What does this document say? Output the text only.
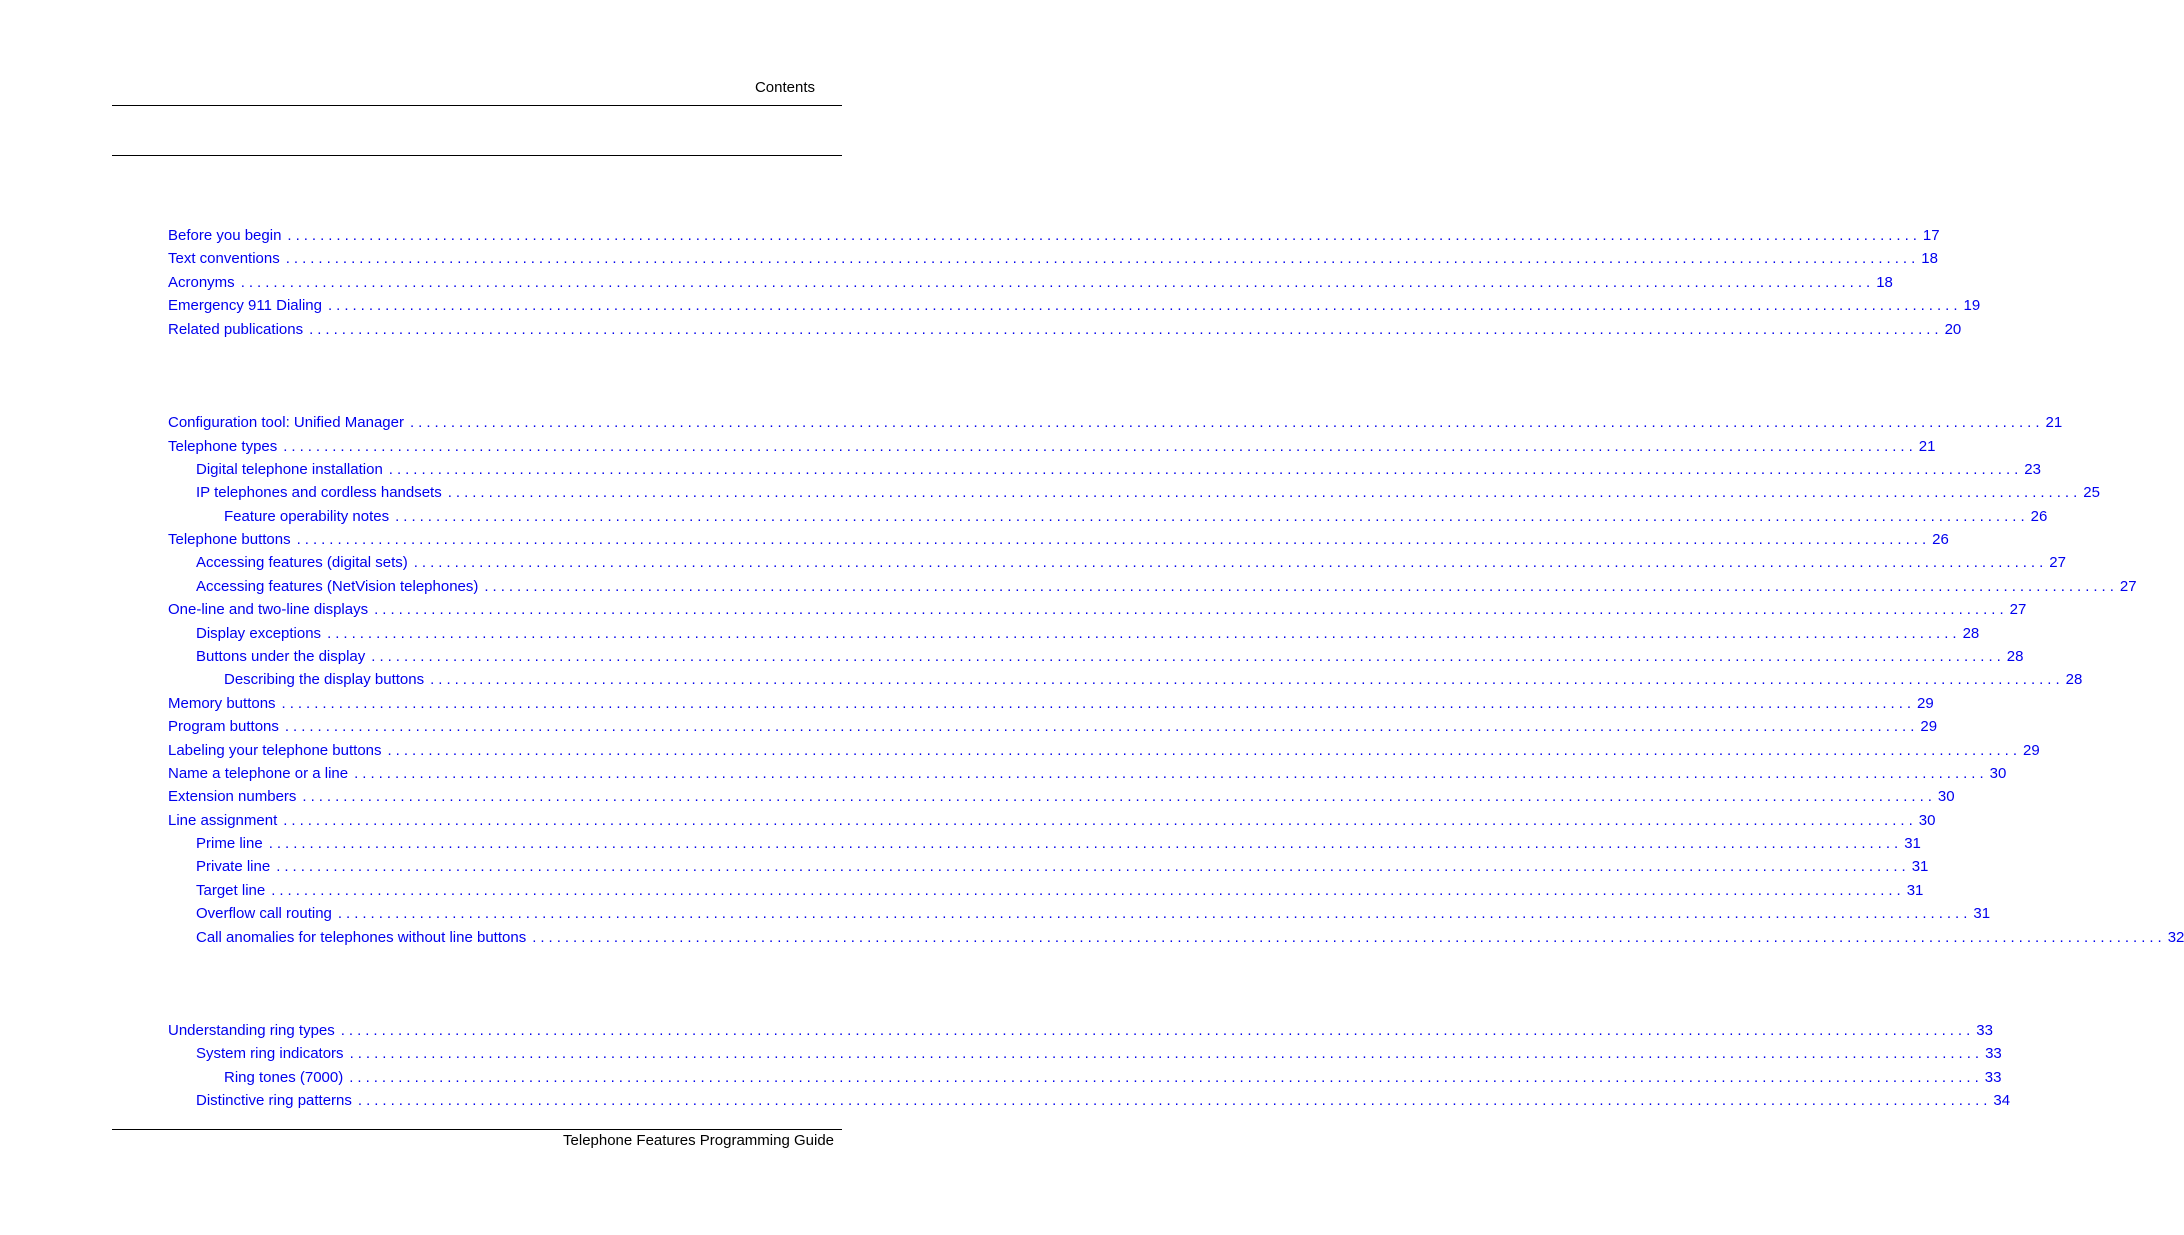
Contents
Before you begin ........................................................................................................................................................................................................ 17
Text conventions ........................................................................................................................................................................................................ 18
Acronyms ........................................................................................................................................................................................................ 18
Emergency 911 Dialing ........................................................................................................................................................................................................ 19
Related publications ........................................................................................................................................................................................................ 20
Configuration tool: Unified Manager ........................................................................................................................................................................................................ 21
Telephone types ........................................................................................................................................................................................................ 21
Digital telephone installation ........................................................................................................................................................................................................ 23
IP telephones and cordless handsets ........................................................................................................................................................................................................ 25
Feature operability notes ........................................................................................................................................................................................................ 26
Telephone buttons ........................................................................................................................................................................................................ 26
Accessing features (digital sets) ........................................................................................................................................................................................................ 27
Accessing features (NetVision telephones) ........................................................................................................................................................................................................ 27
One-line and two-line displays ........................................................................................................................................................................................................ 27
Display exceptions ........................................................................................................................................................................................................ 28
Buttons under the display ........................................................................................................................................................................................................ 28
Describing the display buttons ........................................................................................................................................................................................................ 28
Memory buttons ........................................................................................................................................................................................................ 29
Program buttons ........................................................................................................................................................................................................ 29
Labeling your telephone buttons ........................................................................................................................................................................................................ 29
Name a telephone or a line ........................................................................................................................................................................................................ 30
Extension numbers ........................................................................................................................................................................................................ 30
Line assignment ........................................................................................................................................................................................................ 30
Prime line ........................................................................................................................................................................................................ 31
Private line ........................................................................................................................................................................................................ 31
Target line ........................................................................................................................................................................................................ 31
Overflow call routing ........................................................................................................................................................................................................ 31
Call anomalies for telephones without line buttons ........................................................................................................................................................................................................ 32
Understanding ring types ........................................................................................................................................................................................................ 33
System ring indicators ........................................................................................................................................................................................................ 33
Ring tones (7000) ........................................................................................................................................................................................................ 33
Distinctive ring patterns ........................................................................................................................................................................................................ 34
Telephone Features Programming Guide
